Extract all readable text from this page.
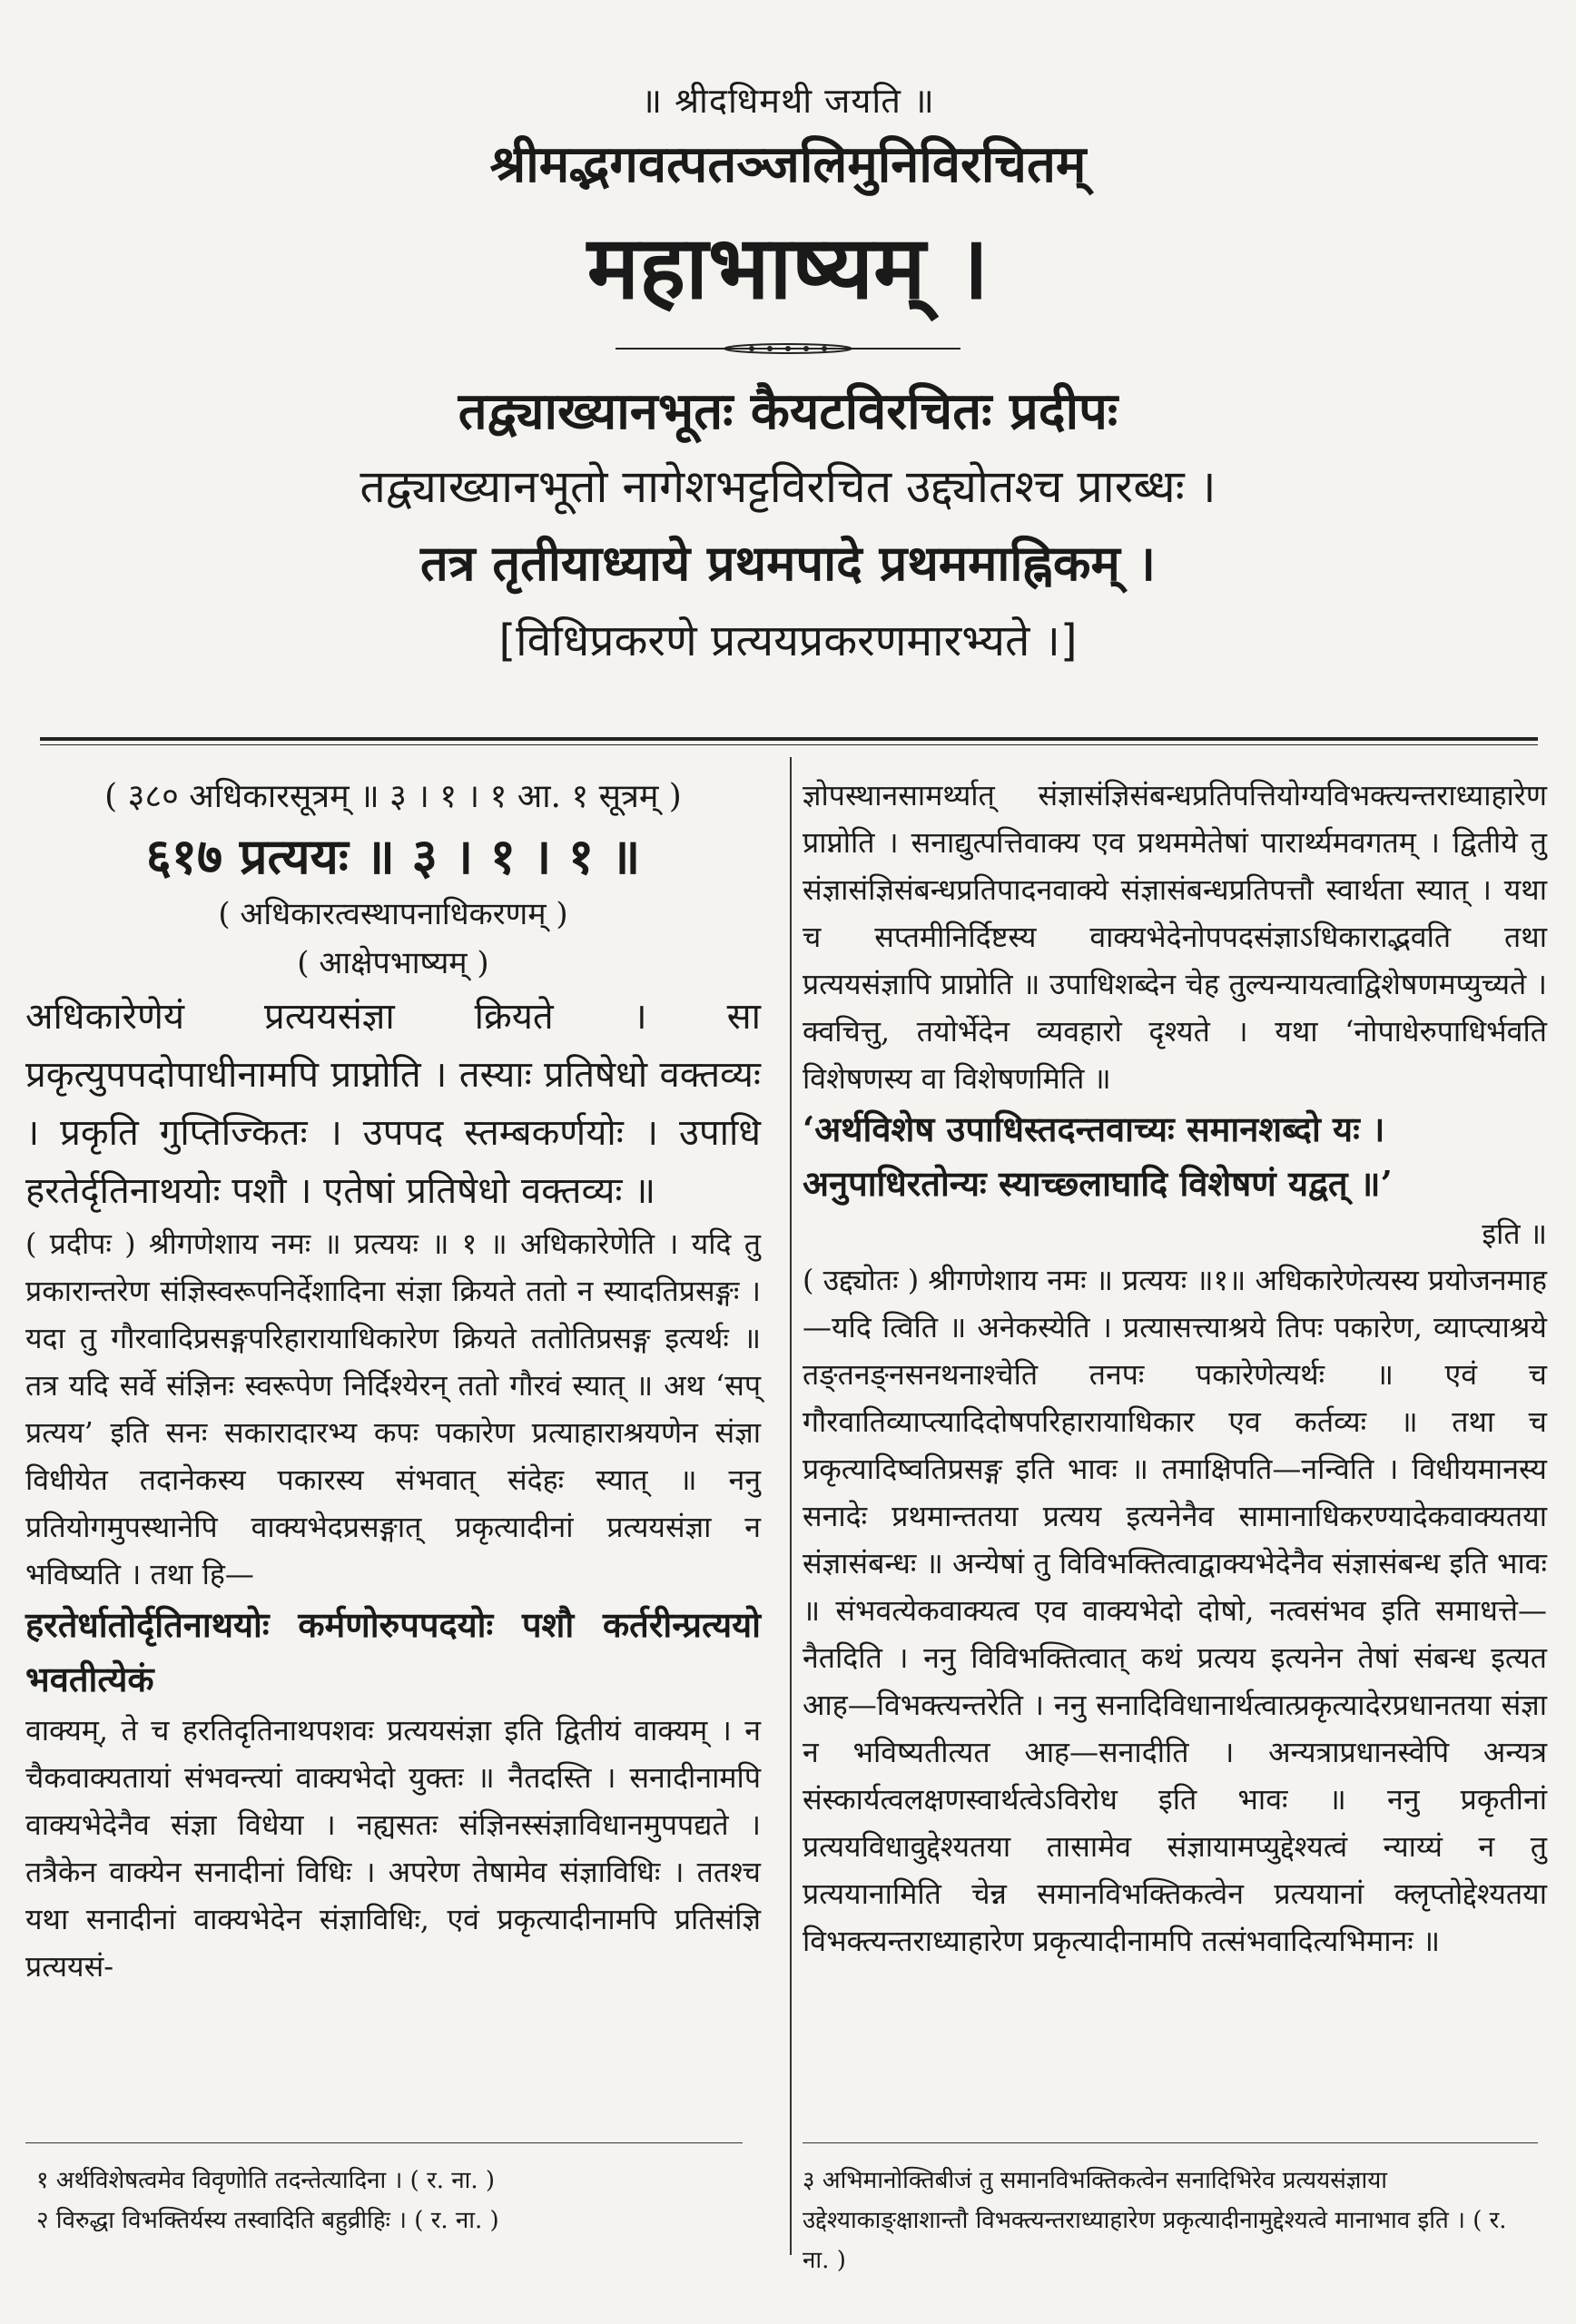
॥ श्रीदधिमथी जयति ॥
श्रीमद्भगवत्पतञ्जलिमुनिविरचितम्
महाभाष्यम् ।
तद्व्याख्यानभूतः कैयटविरचितः प्रदीपः
तद्व्याख्यानभूतो नागेशभट्टविरचित उद्द्योतश्च प्रारब्धः ।
तत्र तृतीयाध्याये प्रथमपादे प्रथममाह्निकम् ।
[विधिप्रकरणे प्रत्ययप्रकरणमारभ्यते ।]

( ३८० अधिकारसूत्रम् ॥ ३ । १ । १ आ. १ सूत्रम् )

६१७ प्रत्ययः ॥ ३ । १ । १ ॥

( अधिकारत्वस्थापनाधिकरणम् )

( आक्षेपभाष्यम् )

अधिकारेणेयं प्रत्ययसंज्ञा क्रियते । सा प्रकृत्युपपदोपाधीनामपि प्राप्नोति । तस्याः प्रतिषेधो वक्तव्यः । प्रकृति गुप्तिज्कितः । उपपद स्तम्बकर्णयोः । उपाधि हरतेर्दृतिनाथयोः पशौ । एतेषां प्रतिषेधो वक्तव्यः ॥

( प्रदीपः ) श्रीगणेशाय नमः ॥ प्रत्ययः ॥ १ ॥ अधिकारेणेति । यदि तु प्रकारान्तरेण संज्ञिस्वरूपनिर्देशादिना संज्ञा क्रियते ततो न स्यादतिप्रसङ्गः । यदा तु गौरवादिप्रसङ्गपरिहारायाधिकारेण क्रियते ततोतिप्रसङ्ग इत्यर्थः ॥ तत्र यदि सर्वे संज्ञिनः स्वरूपेण निर्दिश्येरन् ततो गौरवं स्यात् ॥ अथ ‘सप् प्रत्यय’ इति सनः सकारादारभ्य कपः पकारेण प्रत्याहाराश्रयणेन संज्ञा विधीयेत तदानेकस्य पकारस्य संभवात् संदेहः स्यात् ॥ ननु प्रतियोगमुपस्थानेपि वाक्यभेदप्रसङ्गात् प्रकृत्यादीनां प्रत्ययसंज्ञा न भविष्यति । तथा हि—

हरतेर्धातोर्दृतिनाथयोः कर्मणोरुपपदयोः पशौ कर्तरीन्प्रत्ययो भवतीत्येकं

वाक्यम्, ते च हरतिदृतिनाथपशवः प्रत्ययसंज्ञा इति द्वितीयं वाक्यम् । न चैकवाक्यतायां संभवन्त्यां वाक्यभेदो युक्तः ॥ नैतदस्ति । सनादीनामपि वाक्यभेदेनैव संज्ञा विधेया । नह्यसतः संज्ञिनस्संज्ञाविधानमुपपद्यते । तत्रैकेन वाक्येन सनादीनां विधिः । अपरेण तेषामेव संज्ञाविधिः । ततश्च यथा सनादीनां वाक्यभेदेन संज्ञाविधिः, एवं प्रकृत्यादीनामपि प्रतिसंज्ञि प्रत्ययसं-

ज्ञोपस्थानसामर्थ्यात् संज्ञासंज्ञिसंबन्धप्रतिपत्तियोग्यविभक्त्यन्तराध्याहारेण प्राप्नोति । सनाद्युत्पत्तिवाक्य एव प्रथममेतेषां पारार्थ्यमवगतम् । द्वितीये तु संज्ञासंज्ञिसंबन्धप्रतिपादनवाक्ये संज्ञासंबन्धप्रतिपत्तौ स्वार्थता स्यात् । यथा च सप्तमीनिर्दिष्टस्य वाक्यभेदेनोपपदसंज्ञाऽधिकाराद्भवति तथा प्रत्ययसंज्ञापि प्राप्नोति ॥ उपाधिशब्देन चेह तुल्यन्यायत्वाद्विशेषणमप्युच्यते । क्वचित्तु, तयोर्भेदेन व्यवहारो दृश्यते । यथा ‘नोपाधेरुपाधिर्भवति विशेषणस्य वा विशेषणमिति ॥

‘अर्थविशेष उपाधिस्तदन्तवाच्यः समानशब्दो यः ।

अनुपाधिरतोन्यः स्याच्छ्लाघादि विशेषणं यद्वत् ॥’

इति ॥

( उद्द्योतः ) श्रीगणेशाय नमः ॥ प्रत्ययः ॥१॥ अधिकारेणेत्यस्य प्रयोजनमाह—यदि त्विति ॥ अनेकस्येति । प्रत्यासत्त्याश्रये तिपः पकारेण, व्याप्त्याश्रये तङ्तनङ्नसनथनाश्चेति तनपः पकारेणेत्यर्थः ॥ एवं च गौरवातिव्याप्त्यादिदोषपरिहारायाधिकार एव कर्तव्यः ॥ तथा च प्रकृत्यादिष्वतिप्रसङ्ग इति भावः ॥ तमाक्षिपति—नन्विति । विधीयमानस्य सनादेः प्रथमान्ततया प्रत्यय इत्यनेनैव सामानाधिकरण्यादेकवाक्यतया संज्ञासंबन्धः ॥ अन्येषां तु विविभक्तित्वाद्वाक्यभेदेनैव संज्ञासंबन्ध इति भावः ॥ संभवत्येकवाक्यत्व एव वाक्यभेदो दोषो, नत्वसंभव इति समाधत्ते—नैतदिति । ननु विविभक्तित्वात् कथं प्रत्यय इत्यनेन तेषां संबन्ध इत्यत आह—विभक्त्यन्तरेति । ननु सनादिविधानार्थत्वात्प्रकृत्यादेरप्रधानतया संज्ञा न भविष्यतीत्यत आह—सनादीति । अन्यत्राप्रधानस्वेपि अन्यत्र संस्कार्यत्वलक्षणस्वार्थत्वेऽविरोध इति भावः ॥ ननु प्रकृतीनां प्रत्ययविधावुद्देश्यतया तासामेव संज्ञायामप्युद्देश्यत्वं न्याय्यं न तु प्रत्ययानामिति चेन्न समानविभक्तिकत्वेन प्रत्ययानां क्लृप्तोद्देश्यतया विभक्त्यन्तराध्याहारेण प्रकृत्यादीनामपि तत्संभवादित्यभिमानः ॥

१ अर्थविशेषत्वमेव विवृणोति तदन्तेत्यादिना । ( र. ना. )

२ विरुद्धा विभक्तिर्यस्य तस्वादिति बहुव्रीहिः । ( र. ना. )

३ अभिमानोक्तिबीजं तु समानविभक्तिकत्वेन सनादिभिरेव प्रत्ययसंज्ञाया उद्देश्याकाङ्क्षाशान्तौ विभक्त्यन्तराध्याहारेण प्रकृत्यादीनामुद्देश्यत्वे मानाभाव इति । ( र. ना. )
